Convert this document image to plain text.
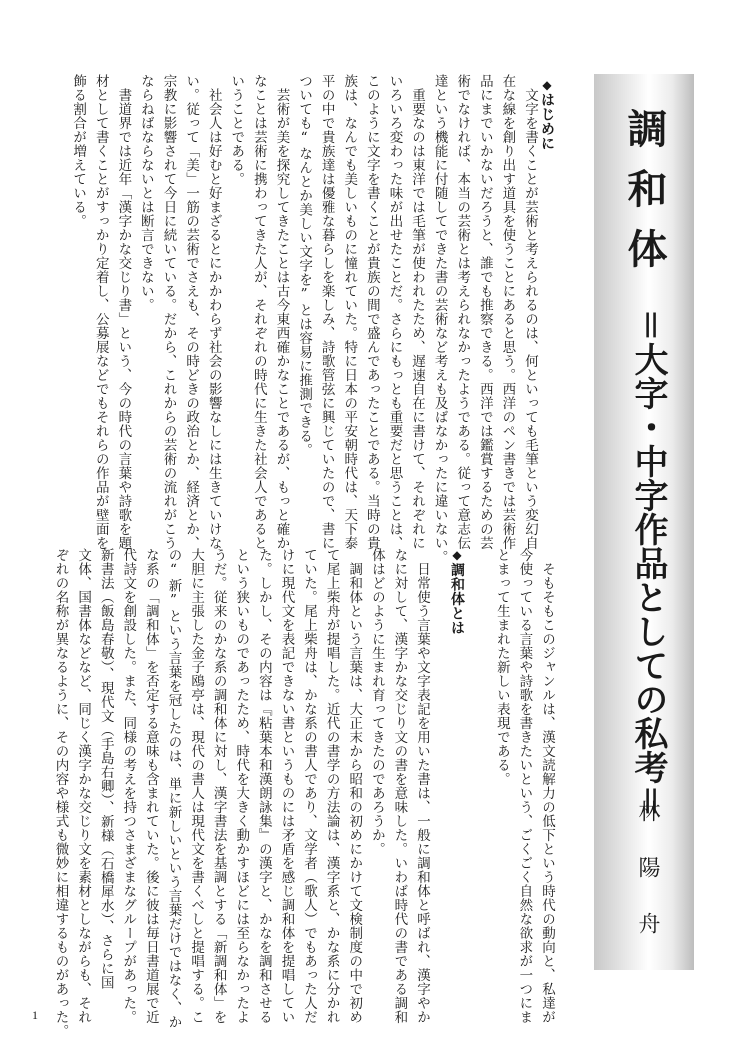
調和体
＝大字・中字作品としての私考＝
林陽舟
◆はじめに
　文字を書くことが芸術と考えられるのは、何といっても毛筆という変幻自
在な線を創り出す道具を使うことにあると思う。西洋のペン書きでは芸術作
品にまでいかないだろうと、誰でも推察できる。西洋では鑑賞するための芸
術でなければ、本当の芸術とは考えられなかったようである。従って意志伝
達という機能に付随してできた書の芸術など考えも及ばなかったに違いない。
　重要なのは東洋では毛筆が使われたため、遅速自在に書けて、それぞれに
いろいろ変わった味が出せたことだ。さらにもっとも重要だと思うことは、
このように文字を書くことが貴族の間で盛んであったことである。当時の貴
族は、なんでも美しいものに憧れていた。特に日本の平安朝時代は、天下泰
平の中で貴族達は優雅な暮らしを楽しみ、詩歌管弦に興じていたので、書に
ついても“なんとか美しい文字を”とは容易に推測できる。
　芸術が美を探究してきたことは古今東西確かなことであるが、もっと確か
なことは芸術に携わってきた人が、それぞれの時代に生きた社会人であると
いうことである。
　社会人は好むと好まざるとにかかわらず社会の影響なしには生きていけな
い。従って「美」一筋の芸術でさえも、その時どきの政治とか、経済とか、
宗教に影響されて今日に続いている。だから、これからの芸術の流れがこう
ならねばならないとは断言できない。
　書道界では近年「漢字かな交じり書」という、今の時代の言葉や詩歌を題
材として書くことがすっかり定着し、公募展などでもそれらの作品が壁面を
飾る割合が増えている。
　そもそもこのジャンルは、漢文読解力の低下という時代の動向と、私達が
今使っている言葉や詩歌を書きたいという、ごくごく自然な欲求が一つにま
とまって生まれた新しい表現である。
◆調和体とは
　日常使う言葉や文字表記を用いた書は、一般に調和体と呼ばれ、漢字やか
なに対して、漢字かな交じり文の書を意味した。いわば時代の書である調和
体はどのように生まれ育ってきたのであろうか。
　調和体という言葉は、大正末から昭和の初めにかけて文検制度の中で初め
て尾上柴舟が提唱した。近代の書学の方法論は、漢字系と、かな系に分かれ
ていた。尾上柴舟は、かな系の書人であり、文学者（歌人）でもあった人だ
けに現代文を表記できない書というものには矛盾を感じ調和体を提唱してい
た。しかし、その内容は『粘葉本和漢朗詠集』の漢字と、かなを調和させる
という狭いものであったため、時代を大きく動かすほどには至らなかったよ
うだ。従来のかな系の調和体に対し、漢字書法を基調とする「新調和体」を
大胆に主張した金子鴎亭は、現代の書人は現代文を書くべしと提唱する。こ
の“新”という言葉を冠したのは、単に新しいという言葉だけではなく、か
な系の「調和体」を否定する意味も含まれていた。後に彼は毎日書道展で近
代詩文を創設した。また、同様の考えを持つさまざまなグループがあった。
新書法（飯島春敬）、現代文（手島右卿）、新様（石橋犀水）、さらに国
文体、国書体などなど、同じく漢字かな交じり文を素材としながらも、それ
ぞれの名称が異なるように、その内容や様式も微妙に相違するものがあった。
1
